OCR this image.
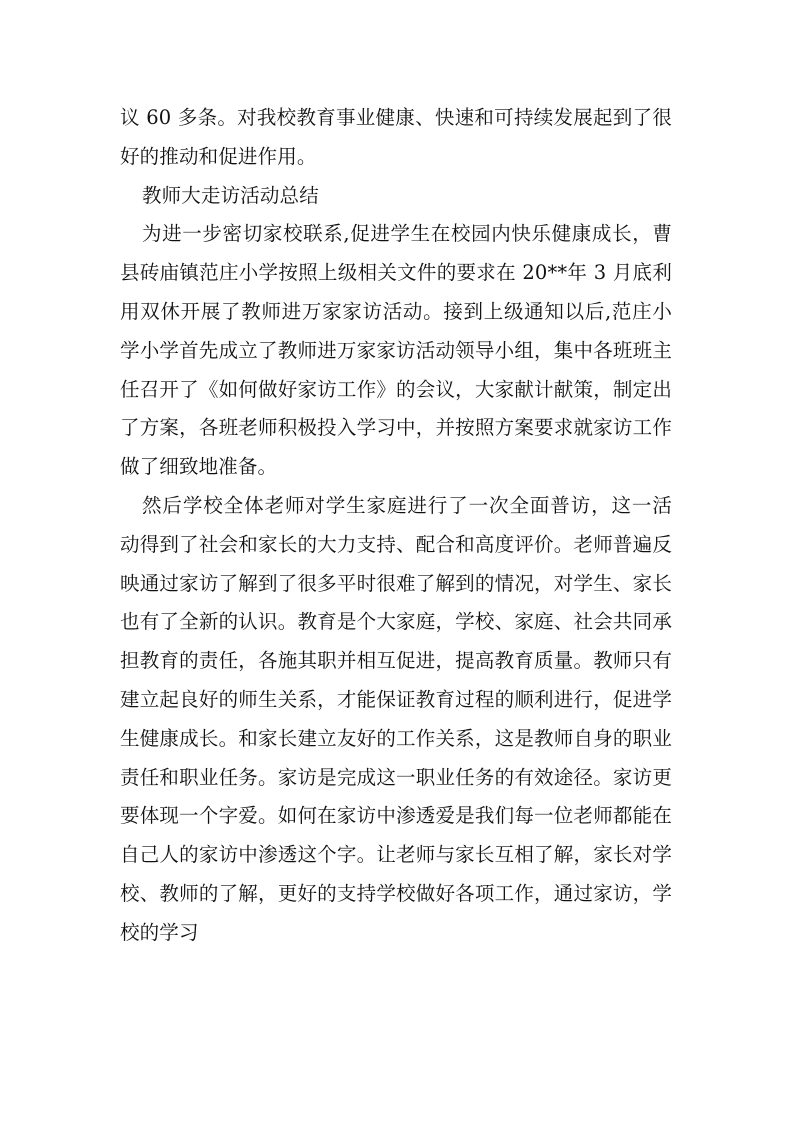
议 60 多条。对我校教育事业健康、快速和可持续发展起到了很好的推动和促进作用。

教师大走访活动总结

为进一步密切家校联系,促进学生在校园内快乐健康成长，曹县砖庙镇范庄小学按照上级相关文件的要求在 20**年 3 月底利用双休开展了教师进万家家访活动。接到上级通知以后,范庄小学小学首先成立了教师进万家家访活动领导小组，集中各班班主任召开了《如何做好家访工作》的会议，大家献计献策，制定出了方案，各班老师积极投入学习中，并按照方案要求就家访工作做了细致地准备。

然后学校全体老师对学生家庭进行了一次全面普访，这一活动得到了社会和家长的大力支持、配合和高度评价。老师普遍反映通过家访了解到了很多平时很难了解到的情况，对学生、家长也有了全新的认识。教育是个大家庭，学校、家庭、社会共同承担教育的责任，各施其职并相互促进，提高教育质量。教师只有建立起良好的师生关系，才能保证教育过程的顺利进行，促进学生健康成长。和家长建立友好的工作关系，这是教师自身的职业责任和职业任务。家访是完成这一职业任务的有效途径。家访更要体现一个字爱。如何在家访中渗透爱是我们每一位老师都能在自己人的家访中渗透这个字。让老师与家长互相了解，家长对学校、教师的了解，更好的支持学校做好各项工作，通过家访，学校的学习
